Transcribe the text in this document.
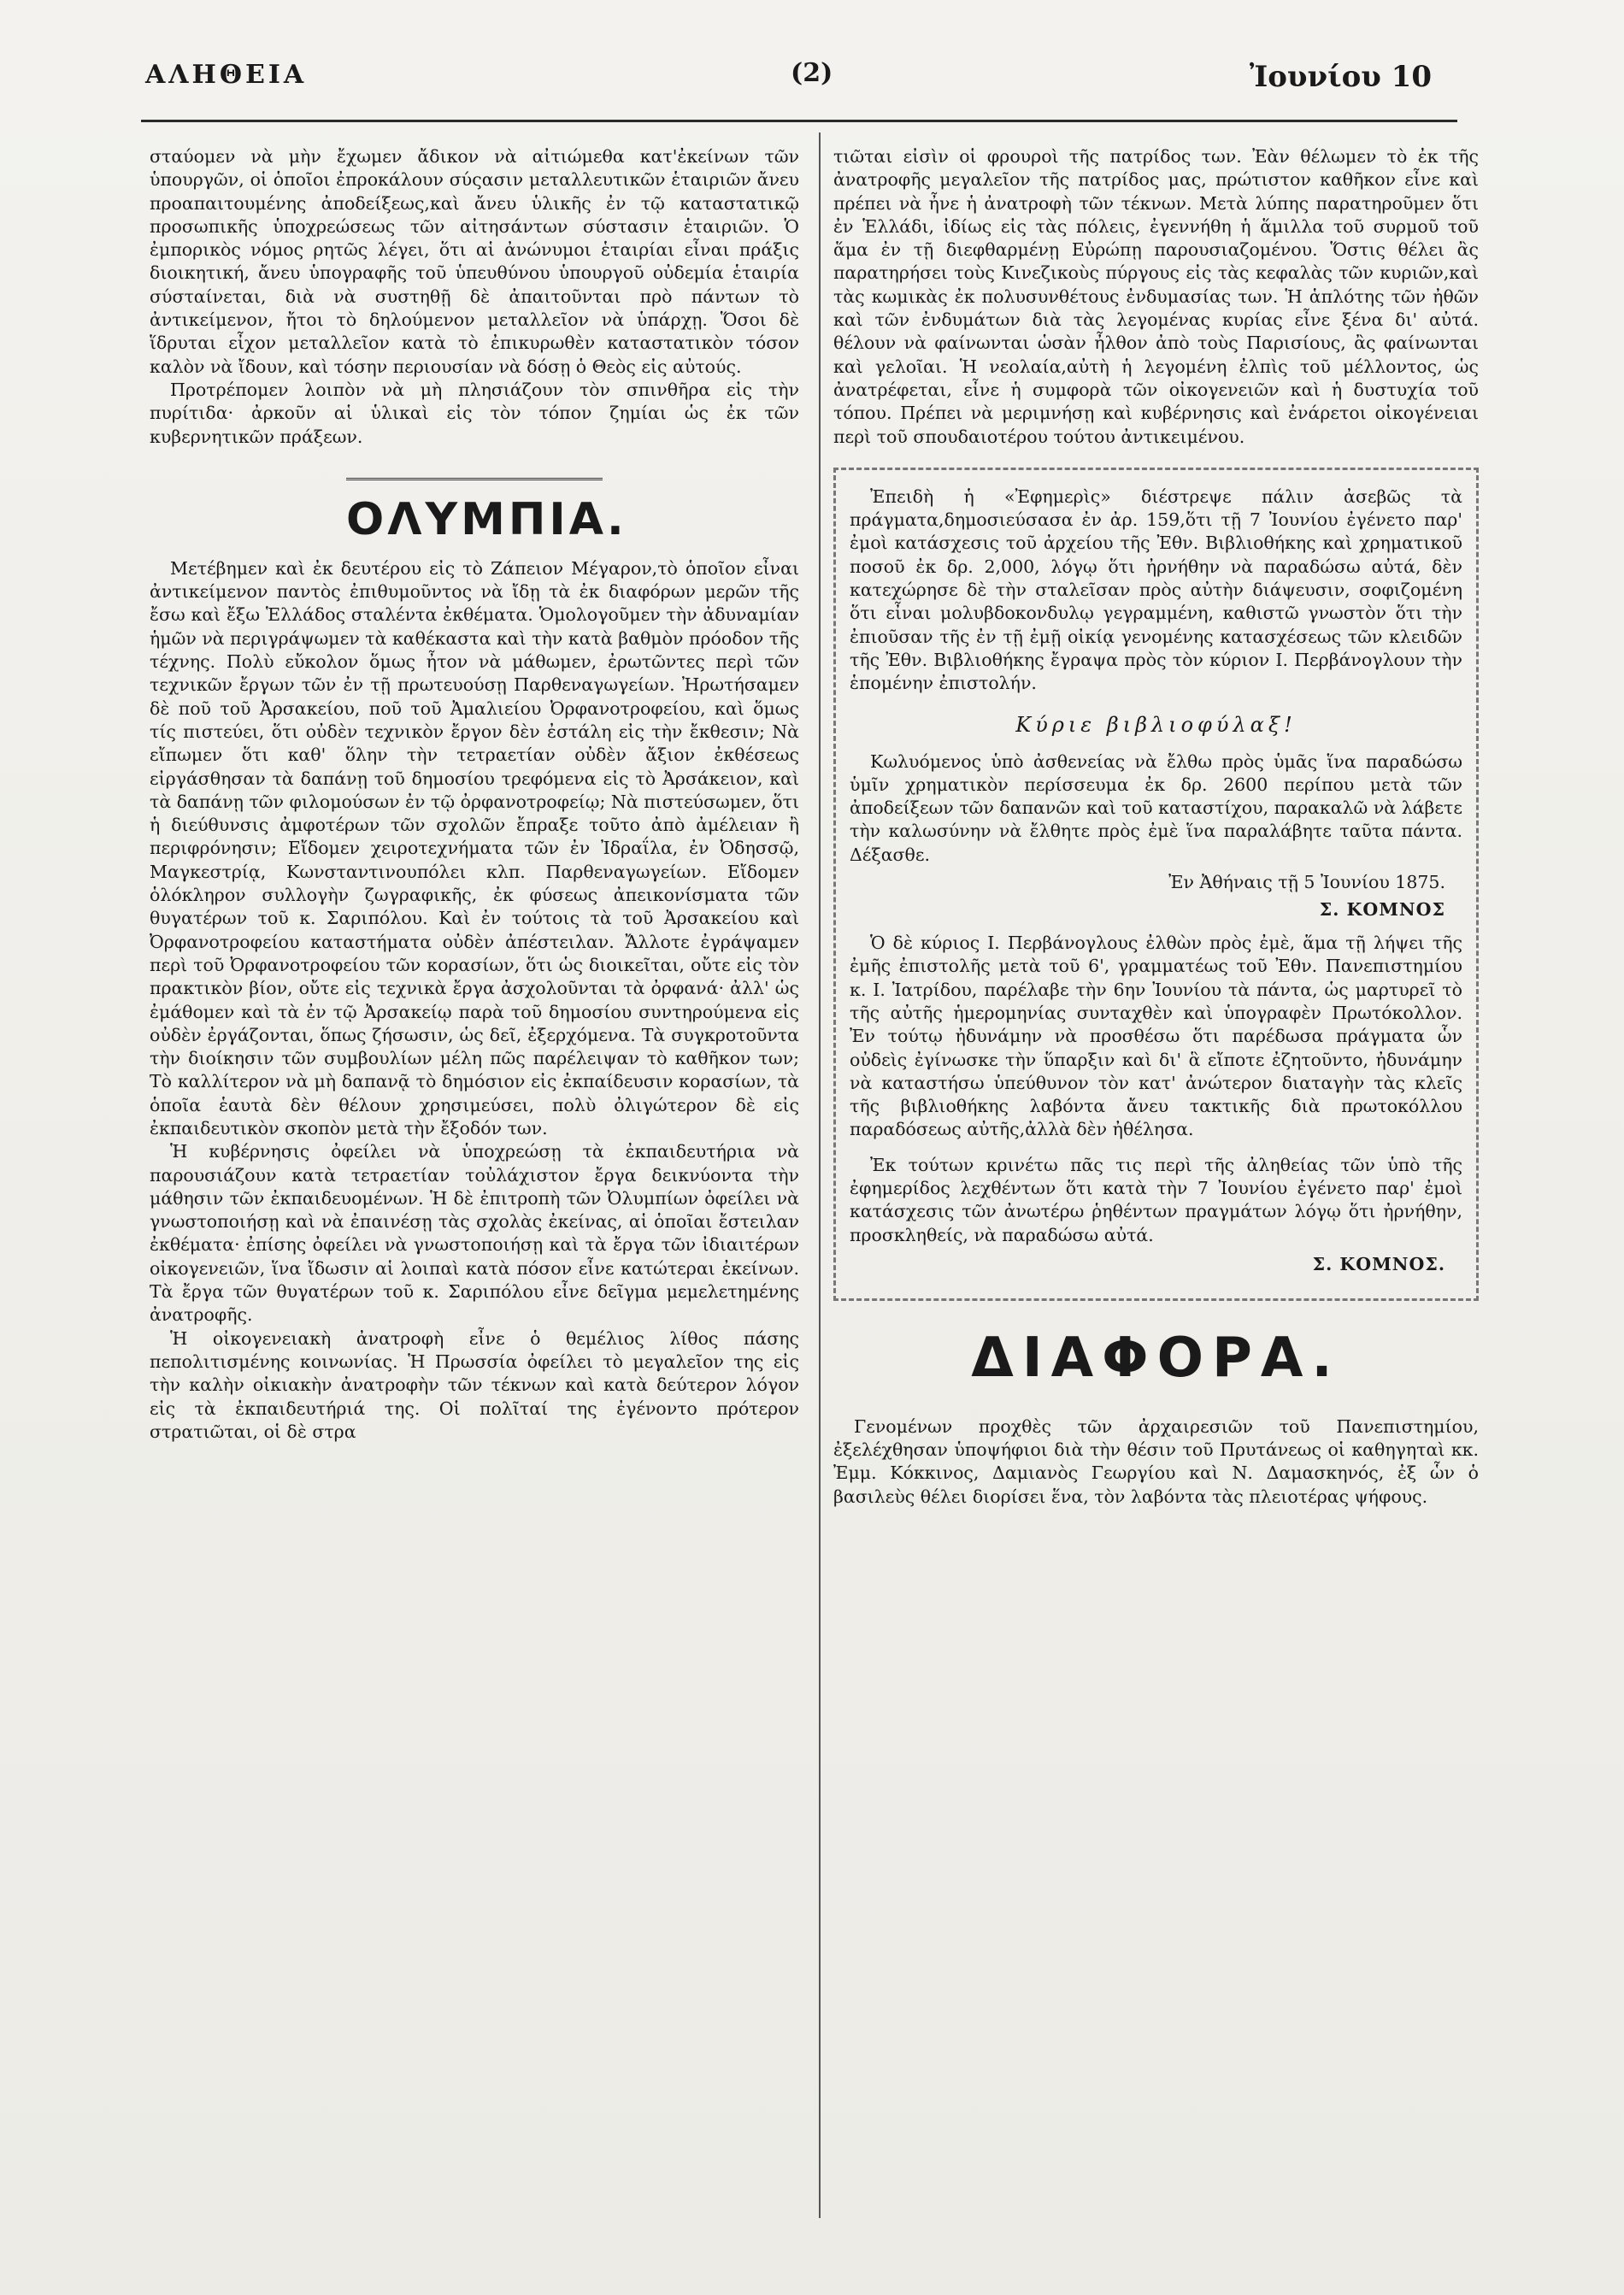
ΑΛΗΘΕΙΑ	(2)	Ἰουνίου 10

σταύομεν νὰ μὴν ἔχωμεν ἄδικον νὰ αἰτιώμεθα κατ'ἐκείνων τῶν ὑπουργῶν, οἱ ὁποῖοι ἐπροκάλουν σύςασιν μεταλλευτικῶν ἑταιριῶν ἄνευ προαπαιτουμένης ἀποδείξεως,καὶ ἄνευ ὑλικῆς ἐν τῷ καταστατικῷ προσωπικῆς ὑποχρεώσεως τῶν αἰτησάντων σύστασιν ἑταιριῶν. Ὁ ἐμπορικὸς νόμος ρητῶς λέγει, ὅτι αἱ ἀνώνυμοι ἑταιρίαι εἶναι πράξις διοικητική, ἄνευ ὑπογραφῆς τοῦ ὑπευθύνου ὑπουργοῦ οὐδεμία ἑταιρία σύσταίνεται, διὰ νὰ συστηθῇ δὲ ἀπαιτοῦνται πρὸ πάντων τὸ ἀντικείμενον, ἤτοι τὸ δηλούμενον μεταλλεῖον νὰ ὑπάρχῃ. Ὅσοι δὲ ἵδρυται εἶχον μεταλλεῖον κατὰ τὸ ἐπικυρωθὲν καταστατικὸν τόσον καλὸν νὰ ἴδουν, καὶ τόσην περιουσίαν νὰ δόσῃ ὁ Θεὸς εἰς αὐτούς.

Προτρέπομεν λοιπὸν νὰ μὴ πλησιάζουν τὸν σπινθῆρα εἰς τὴν πυρίτιδα· ἀρκοῦν αἱ ὑλικαὶ εἰς τὸν τόπον ζημίαι ὡς ἐκ τῶν κυβερνητικῶν πράξεων.

ΟΛΥΜΠΙΑ.

Μετέβημεν καὶ ἐκ δευτέρου εἰς τὸ Ζάπειον Μέγαρον,τὸ ὁποῖον εἶναι ἀντικείμενον παντὸς ἐπιθυμοῦντος νὰ ἴδῃ τὰ ἐκ διαφόρων μερῶν τῆς ἔσω καὶ ἔξω Ἑλλάδος σταλέντα ἐκθέματα. Ὁμολογοῦμεν τὴν ἀδυναμίαν ἡμῶν νὰ περιγράψωμεν τὰ καθέκαστα καὶ τὴν κατὰ βαθμὸν πρόοδον τῆς τέχνης. Πολὺ εὔκολον ὅμως ἦτον νὰ μάθωμεν, ἐρωτῶντες περὶ τῶν τεχνικῶν ἔργων τῶν ἐν τῇ πρωτευούσῃ Παρθεναγωγείων. Ἠρωτήσαμεν δὲ ποῦ τοῦ Ἀρσακείου, ποῦ τοῦ Ἀμαλιείου Ὀρφανοτροφείου, καὶ ὅμως τίς πιστεύει, ὅτι οὐδὲν τεχνικὸν ἔργον δὲν ἐστάλη εἰς τὴν ἔκθεσιν; Νὰ εἴπωμεν ὅτι καθ' ὅλην τὴν τετραετίαν οὐδὲν ἄξιον ἐκθέσεως εἰργάσθησαν τὰ δαπάνῃ τοῦ δημοσίου τρεφόμενα εἰς τὸ Ἀρσάκειον, καὶ τὰ δαπάνῃ τῶν φιλομούσων ἐν τῷ ὀρφανοτροφείῳ; Νὰ πιστεύσωμεν, ὅτι ἡ διεύθυνσις ἀμφοτέρων τῶν σχολῶν ἔπραξε τοῦτο ἀπὸ ἀμέλειαν ἢ περιφρόνησιν; Εἴδομεν χειροτεχνήματα τῶν ἐν Ἰδραΐλα, ἐν Ὀδησσῷ, Μαγκεστρίᾳ, Κωνσταντινουπόλει κλπ. Παρθεναγωγείων. Εἴδομεν ὁλόκληρον συλλογὴν ζωγραφικῆς, ἐκ φύσεως ἀπεικονίσματα τῶν θυγατέρων τοῦ κ. Σαριπόλου. Καὶ ἐν τούτοις τὰ τοῦ Ἀρσακείου καὶ Ὀρφανοτροφείου καταστήματα οὐδὲν ἀπέστειλαν. Ἄλλοτε ἐγράψαμεν περὶ τοῦ Ὀρφανοτροφείου τῶν κορασίων, ὅτι ὡς διοικεῖται, οὔτε εἰς τὸν πρακτικὸν βίον, οὔτε εἰς τεχνικὰ ἔργα ἀσχολοῦνται τὰ ὀρφανά· ἀλλ' ὡς ἐμάθομεν καὶ τὰ ἐν τῷ Ἀρσακείῳ παρὰ τοῦ δημοσίου συντηρούμενα εἰς οὐδὲν ἐργάζονται, ὅπως ζήσωσιν, ὡς δεῖ, ἐξερχόμενα. Τὰ συγκροτοῦντα τὴν διοίκησιν τῶν συμβουλίων μέλη πῶς παρέλειψαν τὸ καθῆκον των; Τὸ καλλίτερον νὰ μὴ δαπανᾷ τὸ δημόσιον εἰς ἐκπαίδευσιν κορασίων, τὰ ὁποῖα ἑαυτὰ δὲν θέλουν χρησιμεύσει, πολὺ ὀλιγώτερον δὲ εἰς ἐκπαιδευτικὸν σκοπὸν μετὰ τὴν ἔξοδόν των.

Ἡ κυβέρνησις ὀφείλει νὰ ὑποχρεώσῃ τὰ ἐκπαιδευτήρια νὰ παρουσιάζουν κατὰ τετραετίαν τοὐλάχιστον ἔργα δεικνύοντα τὴν μάθησιν τῶν ἐκπαιδευομένων. Ἡ δὲ ἐπιτροπὴ τῶν Ὀλυμπίων ὀφείλει νὰ γνωστοποιήσῃ καὶ νὰ ἐπαινέσῃ τὰς σχολὰς ἐκείνας, αἱ ὁποῖαι ἔστειλαν ἐκθέματα· ἐπίσης ὀφείλει νὰ γνωστοποιήσῃ καὶ τὰ ἔργα τῶν ἰδιαιτέρων οἰκογενειῶν, ἵνα ἴδωσιν αἱ λοιπαὶ κατὰ πόσον εἶνε κατώτεραι ἐκείνων. Τὰ ἔργα τῶν θυγατέρων τοῦ κ. Σαριπόλου εἶνε δεῖγμα μεμελετημένης ἀνατροφῆς.

Ἡ οἰκογενειακὴ ἀνατροφὴ εἶνε ὁ θεμέλιος λίθος πάσης πεπολιτισμένης κοινωνίας. Ἡ Πρωσσία ὀφείλει τὸ μεγαλεῖον της εἰς τὴν καλὴν οἰκιακὴν ἀνατροφὴν τῶν τέκνων καὶ κατὰ δεύτερον λόγον εἰς τὰ ἐκπαιδευτήριά της. Οἱ πολῖταί της ἐγένοντο πρότερον στρατιῶται, οἱ δὲ στρα

τιῶται εἰσὶν οἱ φρουροὶ τῆς πατρίδος των. Ἐὰν θέλωμεν τὸ ἐκ τῆς ἀνατροφῆς μεγαλεῖον τῆς πατρίδος μας, πρώτιστον καθῆκον εἶνε καὶ πρέπει νὰ ἦνε ἡ ἀνατροφὴ τῶν τέκνων. Μετὰ λύπης παρατηροῦμεν ὅτι ἐν Ἑλλάδι, ἰδίως εἰς τὰς πόλεις, ἐγεννήθη ἡ ἅμιλλα τοῦ συρμοῦ τοῦ ἅμα ἐν τῇ διεφθαρμένῃ Εὐρώπῃ παρουσιαζομένου. Ὅστις θέλει ἂς παρατηρήσει τοὺς Κινεζικοὺς πύργους εἰς τὰς κεφαλὰς τῶν κυριῶν,καὶ τὰς κωμικὰς ἐκ πολυσυνθέτους ἐνδυμασίας των. Ἡ ἁπλότης τῶν ἠθῶν καὶ τῶν ἐνδυμάτων διὰ τὰς λεγομένας κυρίας εἶνε ξένα δι' αὐτά. θέλουν νὰ φαίνωνται ὡσὰν ἦλθον ἀπὸ τοὺς Παρισίους, ἂς φαίνωνται καὶ γελοῖαι. Ἡ νεολαία,αὐτὴ ἡ λεγομένη ἐλπὶς τοῦ μέλλοντος, ὡς ἀνατρέφεται, εἶνε ἡ συμφορὰ τῶν οἰκογενειῶν καὶ ἡ δυστυχία τοῦ τόπου. Πρέπει νὰ μεριμνήσῃ καὶ κυβέρνησις καὶ ἐνάρετοι οἰκογένειαι περὶ τοῦ σπουδαιοτέρου τούτου ἀντικειμένου.

Ἐπειδὴ ἡ «Ἐφημερὶς» διέστρεψε πάλιν ἀσεβῶς τὰ πράγματα,δημοσιεύσασα ἐν ἀρ. 159,ὅτι τῇ 7 Ἰουνίου ἐγένετο παρ' ἐμοὶ κατάσχεσις τοῦ ἀρχείου τῆς Ἐθν. Βιβλιοθήκης καὶ χρηματικοῦ ποσοῦ ἐκ δρ. 2,000, λόγῳ ὅτι ἠρνήθην νὰ παραδώσω αὐτά, δὲν κατεχώρησε δὲ τὴν σταλεῖσαν πρὸς αὐτὴν διάψευσιν, σοφιζομένη ὅτι εἶναι μολυβδοκονδυλῳ γεγραμμένη, καθιστῶ γνωστὸν ὅτι τὴν ἐπιοῦσαν τῆς ἐν τῇ ἐμῇ οἰκίᾳ γενομένης κατασχέσεως τῶν κλειδῶν τῆς Ἐθν. Βιβλιοθήκης ἔγραψα πρὸς τὸν κύριον Ι. Περβάνογλουν τὴν ἑπομένην ἐπιστολήν.

Κύριε βιβλιοφύλαξ!

Κωλυόμενος ὑπὸ ἀσθενείας νὰ ἔλθω πρὸς ὑμᾶς ἵνα παραδώσω ὑμῖν χρηματικὸν περίσσευμα ἐκ δρ. 2600 περίπου μετὰ τῶν ἀποδείξεων τῶν δαπανῶν καὶ τοῦ καταστίχου, παρακαλῶ νὰ λάβετε τὴν καλωσύνην νὰ ἔλθητε πρὸς ἐμὲ ἵνα παραλάβητε ταῦτα πάντα. Δέξασθε.

Ἐν Ἀθήναις τῇ 5 Ἰουνίου 1875.
Σ. ΚΟΜΝΟΣ

Ὁ δὲ κύριος Ι. Περβάνογλους ἐλθὼν πρὸς ἐμὲ, ἅμα τῇ λήψει τῆς ἐμῆς ἐπιστολῆς μετὰ τοῦ 6', γραμματέως τοῦ Ἐθν. Πανεπιστημίου κ. Ι. Ἰατρίδου, παρέλαβε τὴν 6ην Ἰουνίου τὰ πάντα, ὡς μαρτυρεῖ τὸ τῆς αὐτῆς ἡμερομηνίας συνταχθὲν καὶ ὑπογραφὲν Πρωτόκολλον. Ἐν τούτῳ ἠδυνάμην νὰ προσθέσω ὅτι παρέδωσα πράγματα ὧν οὐδεὶς ἐγίνωσκε τὴν ὕπαρξιν καὶ δι' ἃ εἴποτε ἐζητοῦντο, ἠδυνάμην νὰ καταστήσω ὑπεύθυνον τὸν κατ' ἀνώτερον διαταγὴν τὰς κλεῖς τῆς βιβλιοθήκης λαβόντα ἄνευ τακτικῆς διὰ πρωτοκόλλου παραδόσεως αὐτῆς,ἀλλὰ δὲν ἠθέλησα.

Ἐκ τούτων κρινέτω πᾶς τις περὶ τῆς ἀληθείας τῶν ὑπὸ τῆς ἐφημερίδος λεχθέντων ὅτι κατὰ τὴν 7 Ἰουνίου ἐγένετο παρ' ἐμοὶ κατάσχεσις τῶν ἀνωτέρω ῥηθέντων πραγμάτων λόγῳ ὅτι ἠρνήθην, προσκληθείς, νὰ παραδώσω αὐτά.

Σ. ΚΟΜΝΟΣ.
ΔΙΑΦΟΡΑ.

Γενομένων προχθὲς τῶν ἀρχαιρεσιῶν τοῦ Πανεπιστημίου, ἐξελέχθησαν ὑποψήφιοι διὰ τὴν θέσιν τοῦ Πρυτάνεως οἱ καθηγηταὶ κκ. Ἐμμ. Κόκκινος, Δαμιανὸς Γεωργίου καὶ Ν. Δαμασκηνός, ἐξ ὧν ὁ βασιλεὺς θέλει διορίσει ἕνα, τὸν λαβόντα τὰς πλειοτέρας ψήφους.
